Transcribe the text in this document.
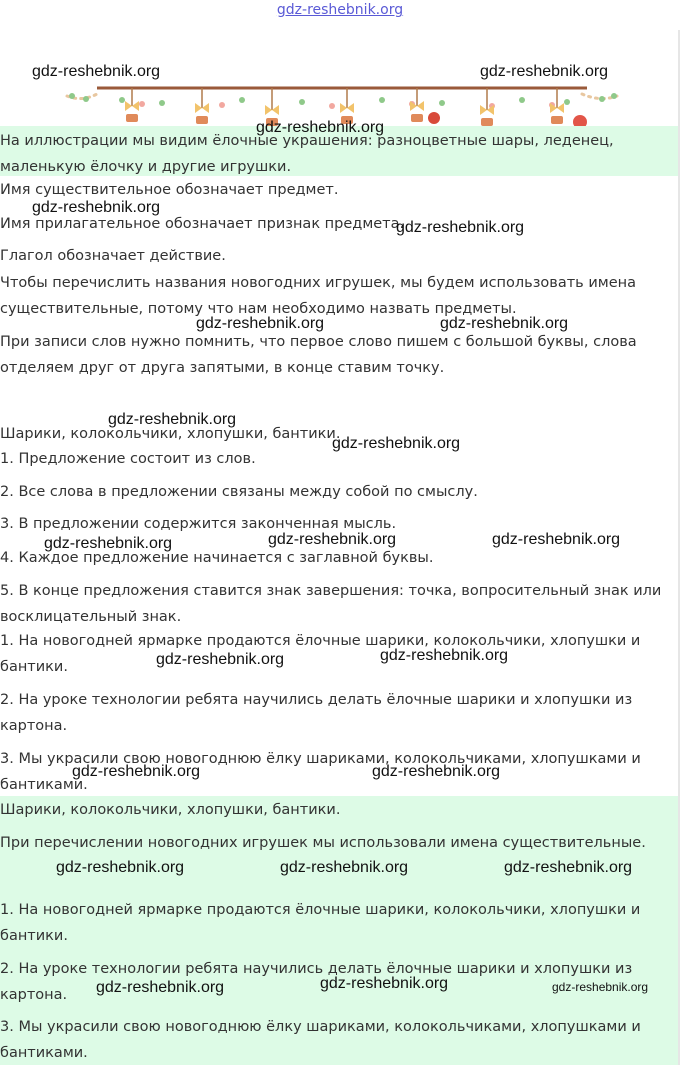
gdz-reshebnik.org
На иллюстрации мы видим ёлочные украшения: разноцветные шары, леденец, маленькую ёлочку и другие игрушки.
Имя существительное обозначает предмет.
Имя прилагательное обозначает признак предмета.
Глагол обозначает действие.
Чтобы перечислить названия новогодних игрушек, мы будем использовать имена существительные, потому что нам необходимо назвать предметы.
При записи слов нужно помнить, что первое слово пишем с большой буквы, слова отделяем друг от друга запятыми, в конце ставим точку.
Шарики, колокольчики, хлопушки, бантики.
1. Предложение состоит из слов.
2. Все слова в предложении связаны между собой по смыслу.
3. В предложении содержится законченная мысль.
4. Каждое предложение начинается с заглавной буквы.
5. В конце предложения ставится знак завершения: точка, вопросительный знак или восклицательный знак.
1. На новогодней ярмарке продаются ёлочные шарики, колокольчики, хлопушки и бантики.
2. На уроке технологии ребята научились делать ёлочные шарики и хлопушки из картона.
3. Мы украсили свою новогоднюю ёлку шариками, колокольчиками, хлопушками и бантиками.
Шарики, колокольчики, хлопушки, бантики.
При перечислении новогодних игрушек мы использовали имена существительные.
1. На новогодней ярмарке продаются ёлочные шарики, колокольчики, хлопушки и бантики.
2. На уроке технологии ребята научились делать ёлочные шарики и хлопушки из картона.
3. Мы украсили свою новогоднюю ёлку шариками, колокольчиками, хлопушками и бантиками.
gdz-reshebnik.org	gdz-reshebnik.org
gdz-reshebnik.org
gdz-reshebnik.org
gdz-reshebnik.org
gdz-reshebnik.org	gdz-reshebnik.org
gdz-reshebnik.org
gdz-reshebnik.org
gdz-reshebnik.org	gdz-reshebnik.org	gdz-reshebnik.org
gdz-reshebnik.org	gdz-reshebnik.org
gdz-reshebnik.org	gdz-reshebnik.org
gdz-reshebnik.org	gdz-reshebnik.org	gdz-reshebnik.org
gdz-reshebnik.org	gdz-reshebnik.org	gdz-reshebnik.org
